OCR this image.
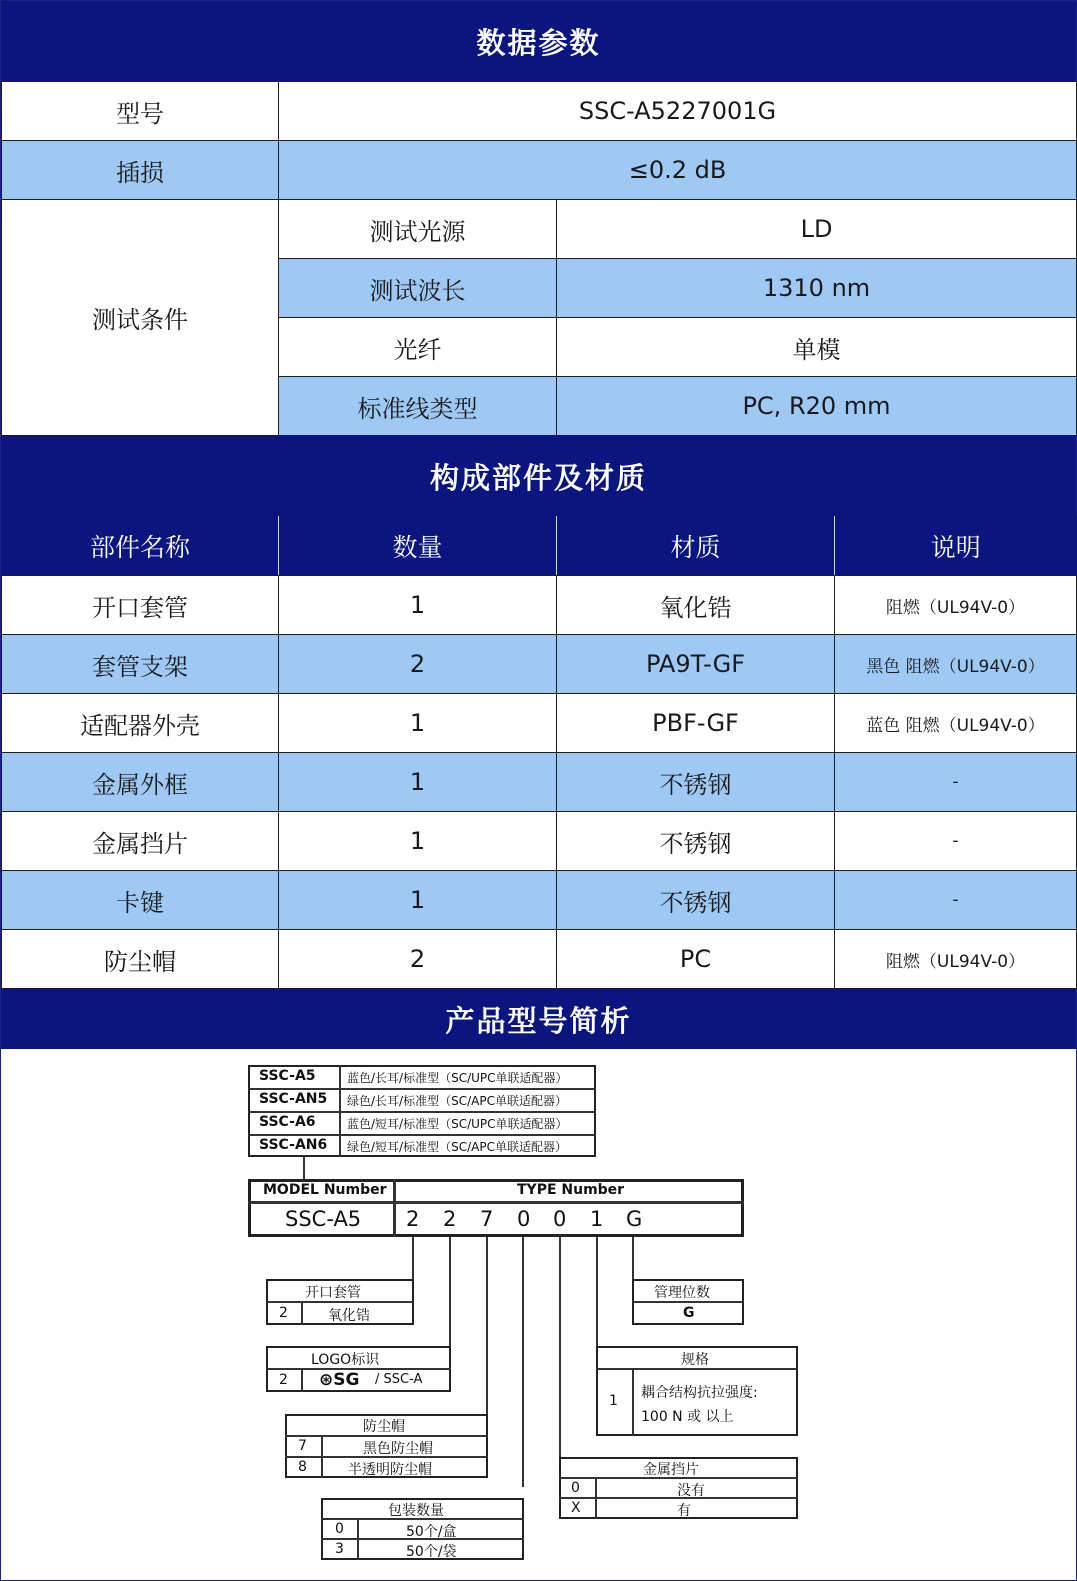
数据参数
型号	SSC-A5227001G	
插损	≤0.2 dB	
测试条件	测试光源	LD
	测试波长	1310 nm
	光纤	单模
	标准线类型	PC, R20 mm
构成部件及材质
部件名称	数量	材质	说明
开口套管	1	氧化锆	阻燃（UL94V-0）
套管支架	2	PA9T-GF	黑色 阻燃（UL94V-0）
适配器外壳	1	PBF-GF	蓝色 阻燃（UL94V-0）
金属外框	1	不锈钢	-
金属挡片	1	不锈钢	-
卡键	1	不锈钢	-
防尘帽	2	PC	阻燃（UL94V-0）
产品型号简析
SSC-A5	蓝色/长耳/标准型（SC/UPC单联适配器）
SSC-AN5 绿色/长耳/标准型（SC/APC单联适配器）
SSC-A6	蓝色/短耳/标准型（SC/UPC单联适配器）
SSC-AN6 绿色/短耳/标准型（SC/APC单联适配器）
MODEL Number	TYPE Number
SSC-A5 2 2 7 0 0 1 G
开口套管
2	氧化锆
LOGO标识
2 ⊛SG / SSC-A
防尘帽
7	黑色防尘帽
8	半透明防尘帽
包装数量
0	50个/盒
3	50个/袋
管理位数
G
规格
1 耦合结构抗拉强度:
100 N 或 以上
金属挡片
0	没有
X	有
